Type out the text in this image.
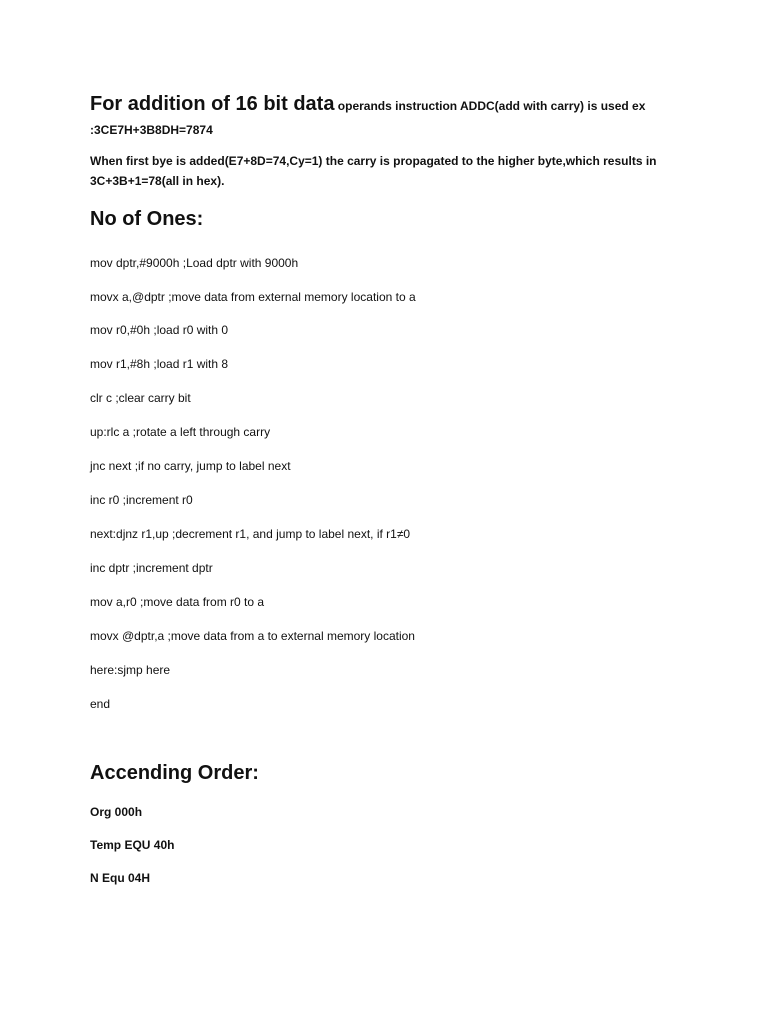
For addition of 16 bit data operands instruction ADDC(add with carry) is used ex
:3CE7H+3B8DH=7874
When first bye is added(E7+8D=74,Cy=1) the carry is propagated to the higher byte,which results in
3C+3B+1=78(all in hex).
No of Ones:
mov dptr,#9000h ;Load dptr with 9000h
movx a,@dptr ;move data from external memory location to a
mov r0,#0h ;load r0 with 0
mov r1,#8h ;load r1 with 8
clr c ;clear carry bit
up:rlc a ;rotate a left through carry
jnc next ;if no carry, jump to label next
inc r0 ;increment r0
next:djnz r1,up ;decrement r1, and jump to label next, if r1≠0
inc dptr ;increment dptr
mov a,r0 ;move data from r0 to a
movx @dptr,a ;move data from a to external memory location
here:sjmp here
end
Accending Order:
Org 000h
Temp EQU 40h
N Equ 04H
